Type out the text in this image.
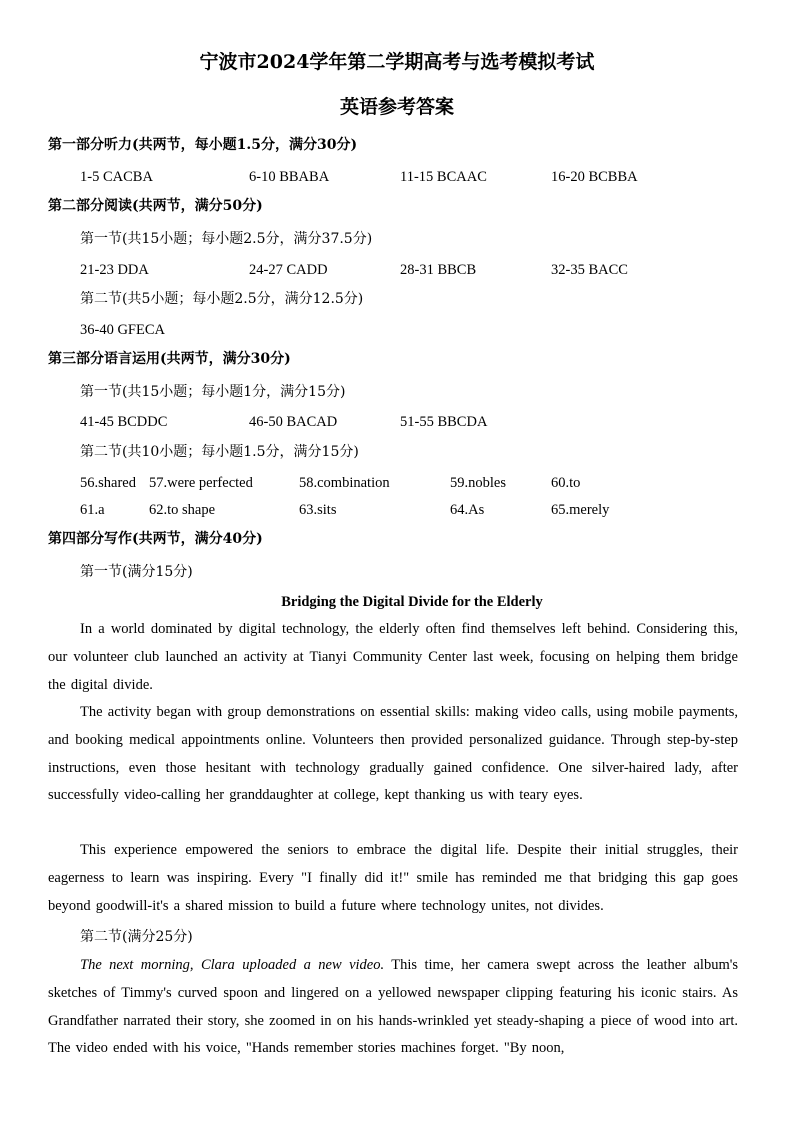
宁波市2024学年第二学期高考与选考模拟考试
英语参考答案
第一部分听力(共两节，每小题1.5分，满分30分)
1-5 CACBA	6-10 BBABA	11-15 BCAAC	16-20 BCBBA
第二部分阅读(共两节，满分50分)
第一节(共15小题；每小题2.5分，满分37.5分)
21-23 DDA	24-27 CADD	28-31 BBCB	32-35 BACC
第二节(共5小题；每小题2.5分，满分12.5分)
36-40 GFECA
第三部分语言运用(共两节，满分30分)
第一节(共15小题；每小题1分，满分15分)
41-45 BCDDC	46-50 BACAD	51-55 BBCDA
第二节(共10小题；每小题1.5分，满分15分)
56.shared 57.were perfected	58.combination	59.nobles	60.to
61.a	62.to shape	63.sits	64.As	65.merely
第四部分写作(共两节，满分40分)
第一节(满分15分)
Bridging the Digital Divide for the Elderly
In a world dominated by digital technology, the elderly often find themselves left behind. Considering this, our volunteer club launched an activity at Tianyi Community Center last week, focusing on helping them bridge the digital divide.
The activity began with group demonstrations on essential skills: making video calls, using mobile payments, and booking medical appointments online. Volunteers then provided personalized guidance. Through step-by-step instructions, even those hesitant with technology gradually gained confidence. One silver-haired lady, after successfully video-calling her granddaughter at college, kept thanking us with teary eyes.
This experience empowered the seniors to embrace the digital life. Despite their initial struggles, their eagerness to learn was inspiring. Every "I finally did it!" smile has reminded me that bridging this gap goes beyond goodwill-it's a shared mission to build a future where technology unites, not divides.
第二节(满分25分)
The next morning, Clara uploaded a new video. This time, her camera swept across the leather album's sketches of Timmy's curved spoon and lingered on a yellowed newspaper clipping featuring his iconic stairs. As Grandfather narrated their story, she zoomed in on his hands-wrinkled yet steady-shaping a piece of wood into art. The video ended with his voice, "Hands remember stories machines forget. "By noon,
